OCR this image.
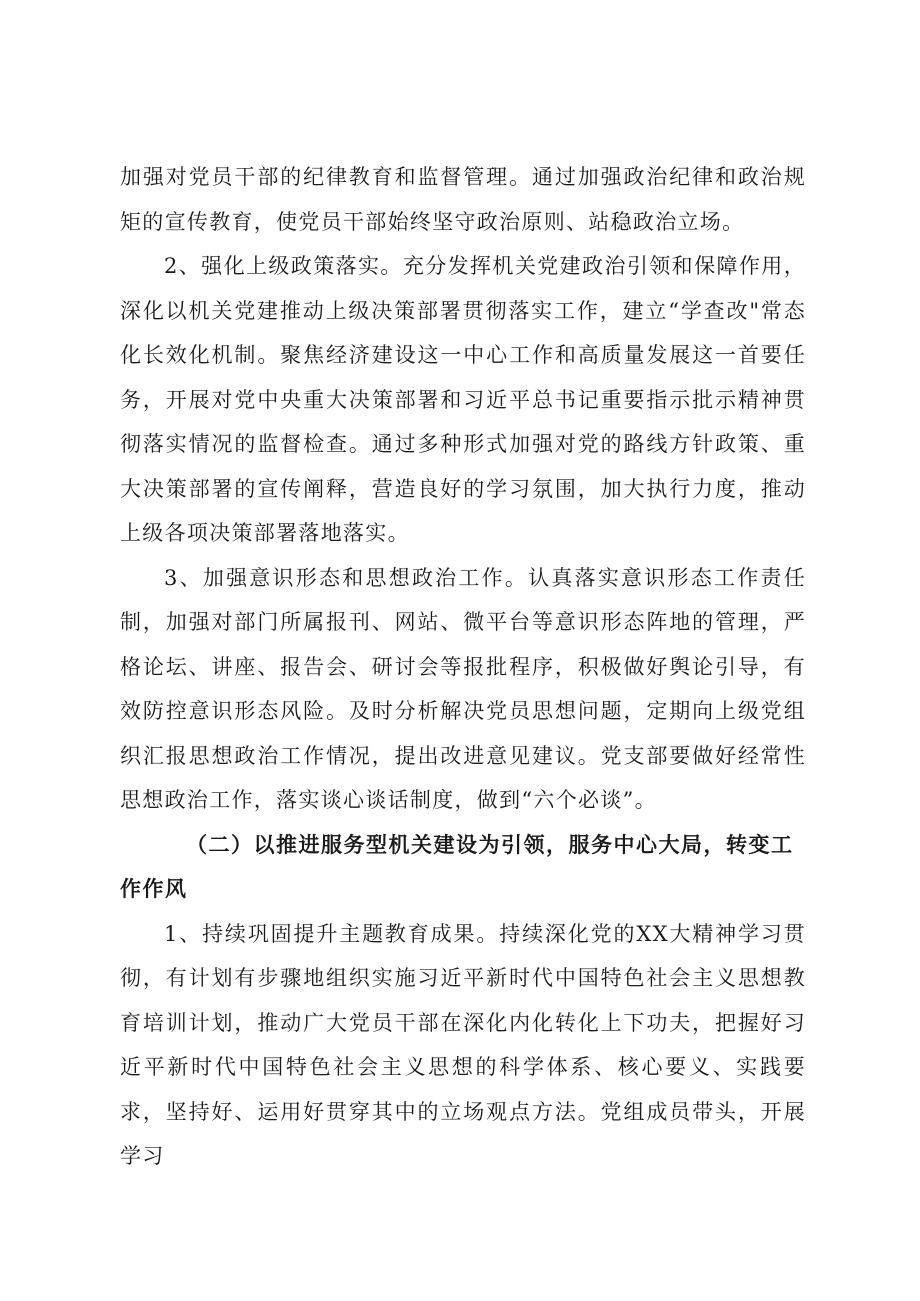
加强对党员干部的纪律教育和监督管理。通过加强政治纪律和政治规矩的宣传教育，使党员干部始终坚守政治原则、站稳政治立场。

2、强化上级政策落实。充分发挥机关党建政治引领和保障作用，深化以机关党建推动上级决策部署贯彻落实工作，建立“学查改"常态化长效化机制。聚焦经济建设这一中心工作和高质量发展这一首要任务，开展对党中央重大决策部署和习近平总书记重要指示批示精神贯彻落实情况的监督检查。通过多种形式加强对党的路线方针政策、重大决策部署的宣传阐释，营造良好的学习氛围，加大执行力度，推动上级各项决策部署落地落实。

3、加强意识形态和思想政治工作。认真落实意识形态工作责任制，加强对部门所属报刊、网站、微平台等意识形态阵地的管理，严格论坛、讲座、报告会、研讨会等报批程序，积极做好舆论引导，有效防控意识形态风险。及时分析解决党员思想问题，定期向上级党组织汇报思想政治工作情况，提出改进意见建议。党支部要做好经常性思想政治工作，落实谈心谈话制度，做到“六个必谈”。

（二）以推进服务型机关建设为引领，服务中心大局，转变工作作风

1、持续巩固提升主题教育成果。持续深化党的XX大精神学习贯彻，有计划有步骤地组织实施习近平新时代中国特色社会主义思想教育培训计划，推动广大党员干部在深化内化转化上下功夫，把握好习近平新时代中国特色社会主义思想的科学体系、核心要义、实践要求，坚持好、运用好贯穿其中的立场观点方法。党组成员带头，开展学习
